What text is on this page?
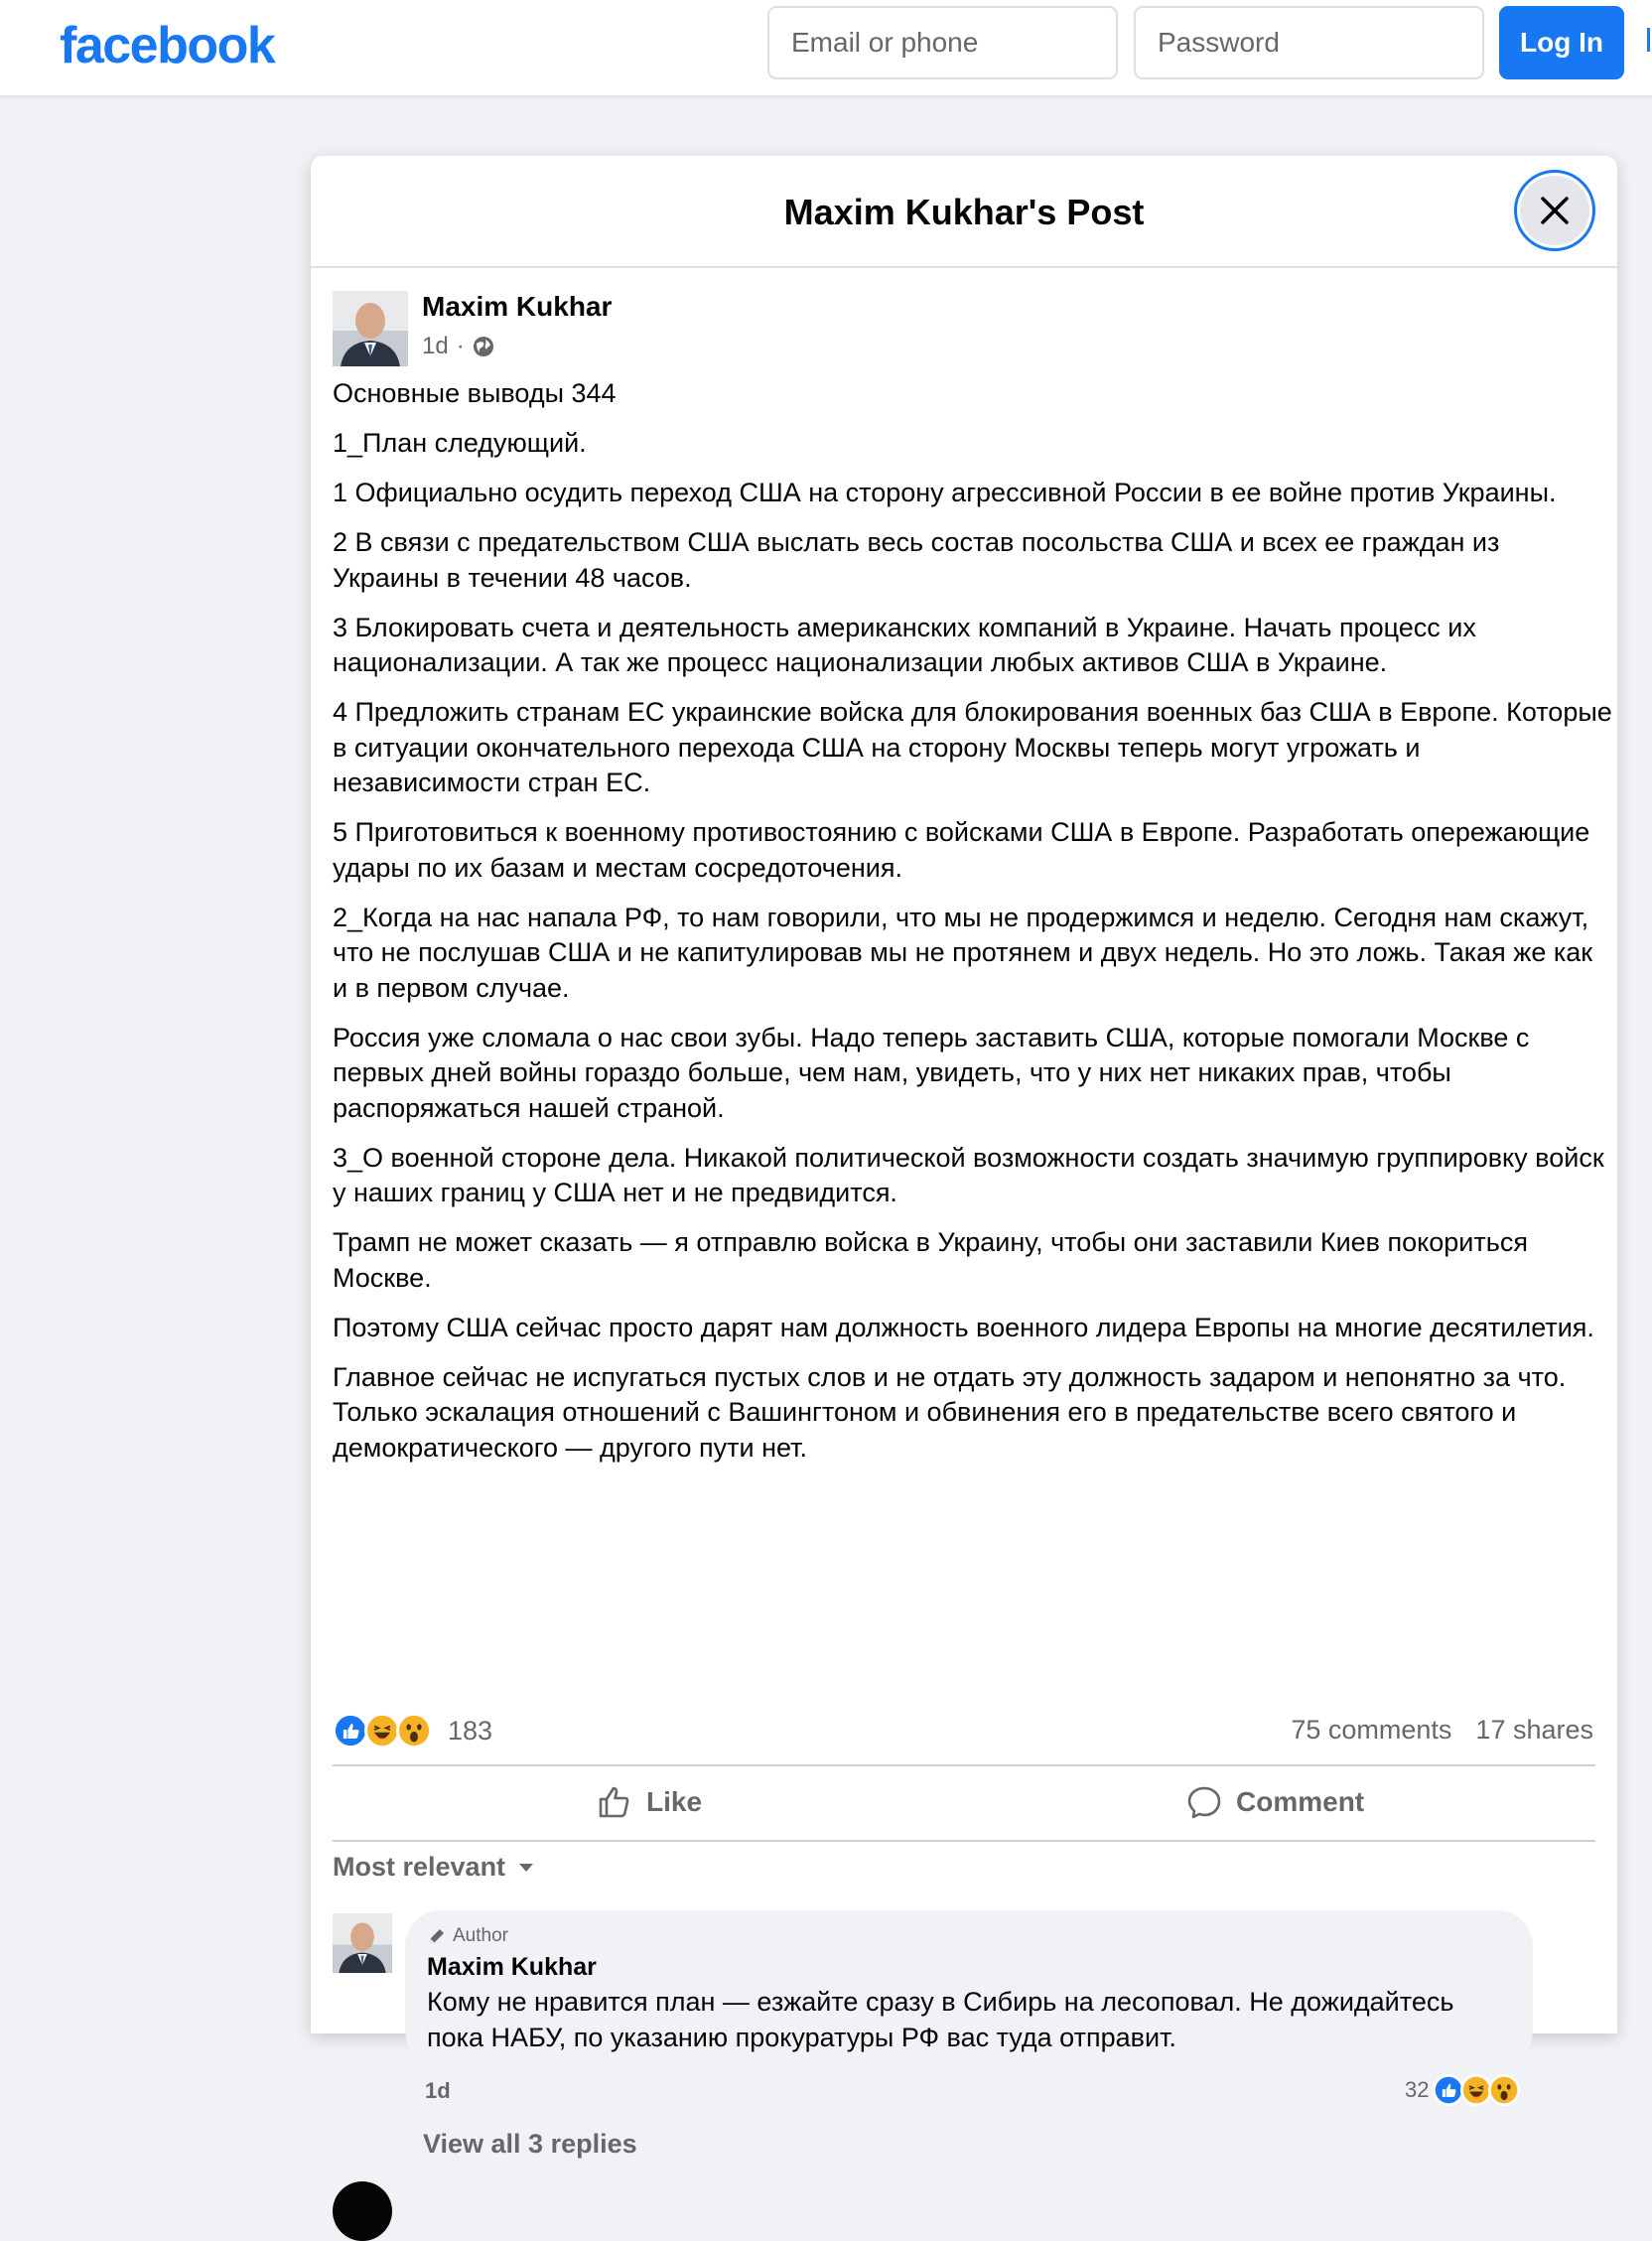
facebook
Email or phone	Log In
Maxim Kukhar's Post
Maxim Kukhar
1d ·

Основные выводы 344

1_План следующий.

1 Официально осудить переход США на сторону агрессивной России в ее войне против Украины.

2 В связи с предательством США выслать весь состав посольства США и всех ее граждан из Украины в течении 48 часов.

3 Блокировать счета и деятельность американских компаний в Украине. Начать процесс их национализации. А так же процесс национализации любых активов США в Украине.

4 Предложить странам ЕС украинские войска для блокирования военных баз США в Европе. Которые в ситуации окончательного перехода США на сторону Москвы теперь могут угрожать и независимости стран ЕС.

5 Приготовиться к военному противостоянию с войсками США в Европе. Разработать опережающие удары по их базам и местам сосредоточения.

2_Когда на нас напала РФ, то нам говорили, что мы не продержимся и неделю. Сегодня нам скажут, что не послушав США и не капитулировав мы не протянем и двух недель. Но это ложь. Такая же как и в первом случае.

Россия уже сломала о нас свои зубы. Надо теперь заставить США, которые помогали Москве с первых дней войны гораздо больше, чем нам, увидеть, что у них нет никаких прав, чтобы распоряжаться нашей страной.

3_О военной стороне дела. Никакой политической возможности создать значимую группировку войск у наших границ у США нет и не предвидится.

Трамп не может сказать — я отправлю войска в Украину, чтобы они заставили Киев покориться Москве.

Поэтому США сейчас просто дарят нам должность военного лидера Европы на многие десятилетия.

Главное сейчас не испугаться пустых слов и не отдать эту должность задаром и непонятно за что. Только эскалация отношений с Вашингтоном и обвинения его в предательстве всего святого и демократического — другого пути нет.

183	75 comments 17 shares
Like	Comment
Most relevant
Author
Maxim Kukhar
Кому не нравится план — езжайте сразу в Сибирь на лесоповал. Не дожидайтесь пока НАБУ, по указанию прокуратуры РФ вас туда отправит.
1d	32
View all 3 replies
